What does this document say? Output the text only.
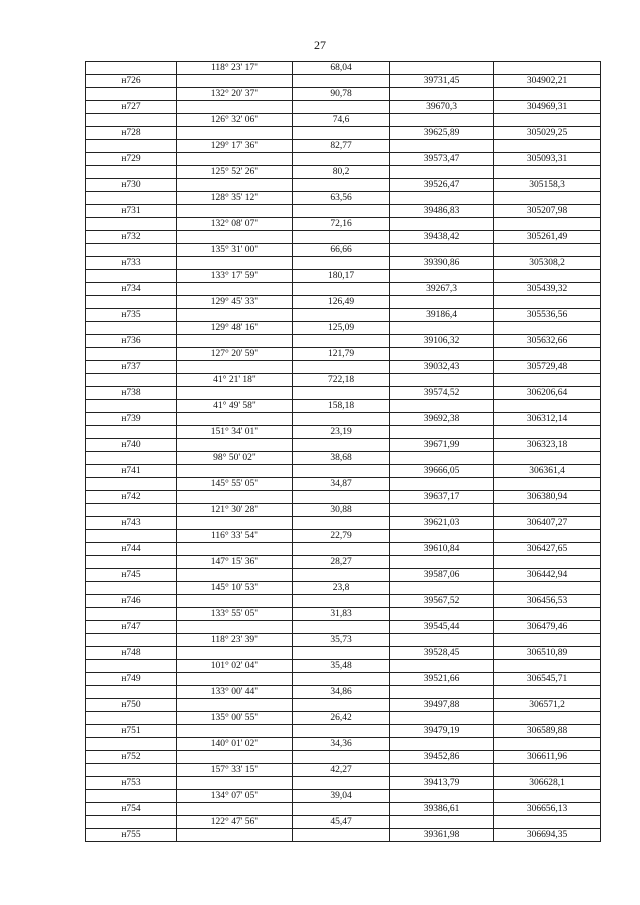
27
	118° 23' 17"	68,04		
н726			39731,45	304902,21
	132° 20' 37"	90,78		
н727			39670,3	304969,31
	126° 32' 06"	74,6		
н728			39625,89	305029,25
	129° 17' 36"	82,77		
н729			39573,47	305093,31
	125° 52' 26"	80,2		
н730			39526,47	305158,3
	128° 35' 12"	63,56		
н731			39486,83	305207,98
	132° 08' 07"	72,16		
н732			39438,42	305261,49
	135° 31' 00"	66,66		
н733			39390,86	305308,2
	133° 17' 59"	180,17		
н734			39267,3	305439,32
	129° 45' 33"	126,49		
н735			39186,4	305536,56
	129° 48' 16"	125,09		
н736			39106,32	305632,66
	127° 20' 59"	121,79		
н737			39032,43	305729,48
	41° 21' 18"	722,18		
н738			39574,52	306206,64
	41° 49' 58"	158,18		
н739			39692,38	306312,14
	151° 34' 01"	23,19		
н740			39671,99	306323,18
	98° 50' 02"	38,68		
н741			39666,05	306361,4
	145° 55' 05"	34,87		
н742			39637,17	306380,94
	121° 30' 28"	30,88		
н743			39621,03	306407,27
	116° 33' 54"	22,79		
н744			39610,84	306427,65
	147° 15' 36"	28,27		
н745			39587,06	306442,94
	145° 10' 53"	23,8		
н746			39567,52	306456,53
	133° 55' 05"	31,83		
н747			39545,44	306479,46
	118° 23' 39"	35,73		
н748			39528,45	306510,89
	101° 02' 04"	35,48		
н749			39521,66	306545,71
	133° 00' 44"	34,86		
н750			39497,88	306571,2
	135° 00' 55"	26,42		
н751			39479,19	306589,88
	140° 01' 02"	34,36		
н752			39452,86	306611,96
	157° 33' 15"	42,27		
н753			39413,79	306628,1
	134° 07' 05"	39,04		
н754			39386,61	306656,13
	122° 47' 56"	45,47		
н755			39361,98	306694,35
